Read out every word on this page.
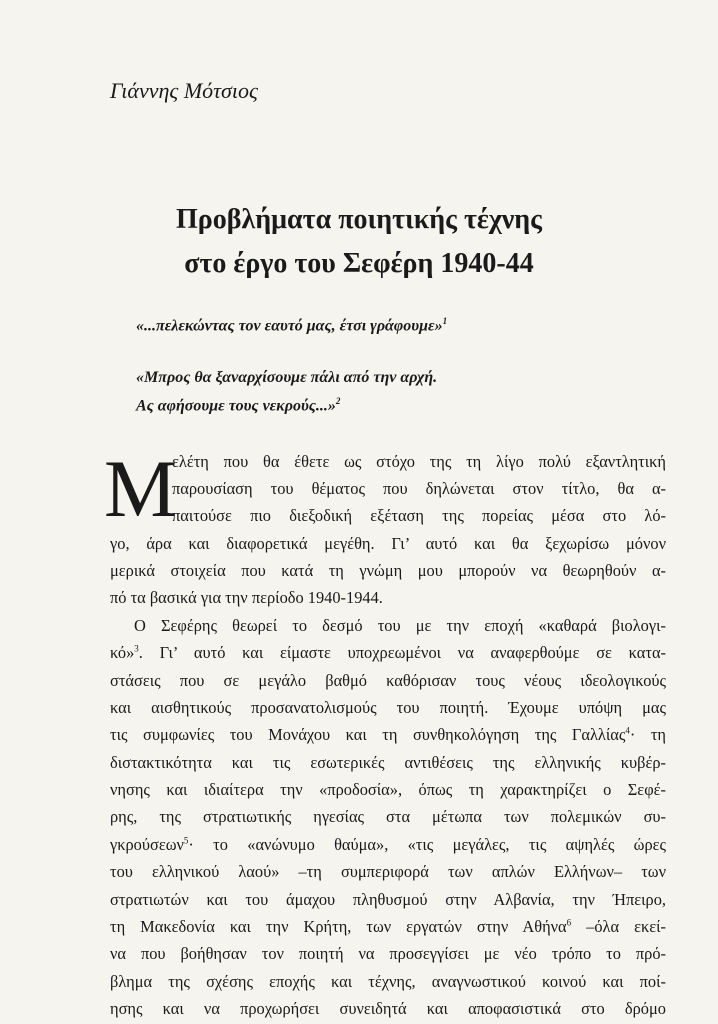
Γιάννης Μότσιος
Προβλήματα ποιητικής τέχνης
στο έργο του Σεφέρη 1940-44
«...πελεκώντας τον εαυτό μας, έτσι γράφουμε»$^1$
«Μπρος θα ξαναρχίσουμε πάλι από την αρχή.
Ας αφήσουμε τους νεκρούς...»$^2$
Μ
ελέτη που θα έθετε ως στόχο της τη λίγο πολύ εξαντλητική
παρουσίαση του θέματος που δηλώνεται στον τίτλο, θα α-
παιτούσε πιο διεξοδική εξέταση της πορείας μέσα στο λό-
γο, άρα και διαφορετικά μεγέθη. Γι’ αυτό και θα ξεχωρίσω μόνον
μερικά στοιχεία που κατά τη γνώμη μου μπορούν να θεωρηθούν α-
πό τα βασικά για την περίοδο 1940-1944.
Ο Σεφέρης θεωρεί το δεσμό του με την εποχή «καθαρά βιολογι-
κό»$^3$. Γι’ αυτό και είμαστε υποχρεωμένοι να αναφερθούμε σε κατα-
στάσεις που σε μεγάλο βαθμό καθόρισαν τους νέους ιδεολογικούς
και αισθητικούς προσανατολισμούς του ποιητή. Έχουμε υπόψη μας
τις συμφωνίες του Μονάχου και τη συνθηκολόγηση της Γαλλίας$^4$· τη
διστακτικότητα και τις εσωτερικές αντιθέσεις της ελληνικής κυβέρ-
νησης και ιδιαίτερα την «προδοσία», όπως τη χαρακτηρίζει ο Σεφέ-
ρης, της στρατιωτικής ηγεσίας στα μέτωπα των πολεμικών συ-
γκρούσεων$^5$· το «ανώνυμο θαύμα», «τις μεγάλες, τις αψηλές ώρες
του ελληνικού λαού» –τη συμπεριφορά των απλών Ελλήνων– των
στρατιωτών και του άμαχου πληθυσμού στην Αλβανία, την Ήπειρο,
τη Μακεδονία και την Κρήτη, των εργατών στην Αθήνα$^6$ –όλα εκεί-
να που βοήθησαν τον ποιητή να προσεγγίσει με νέο τρόπο το πρό-
βλημα της σχέσης εποχής και τέχνης, αναγνωστικού κοινού και ποί-
ησης και να προχωρήσει συνειδητά και αποφασιστικά στο δρόμο
